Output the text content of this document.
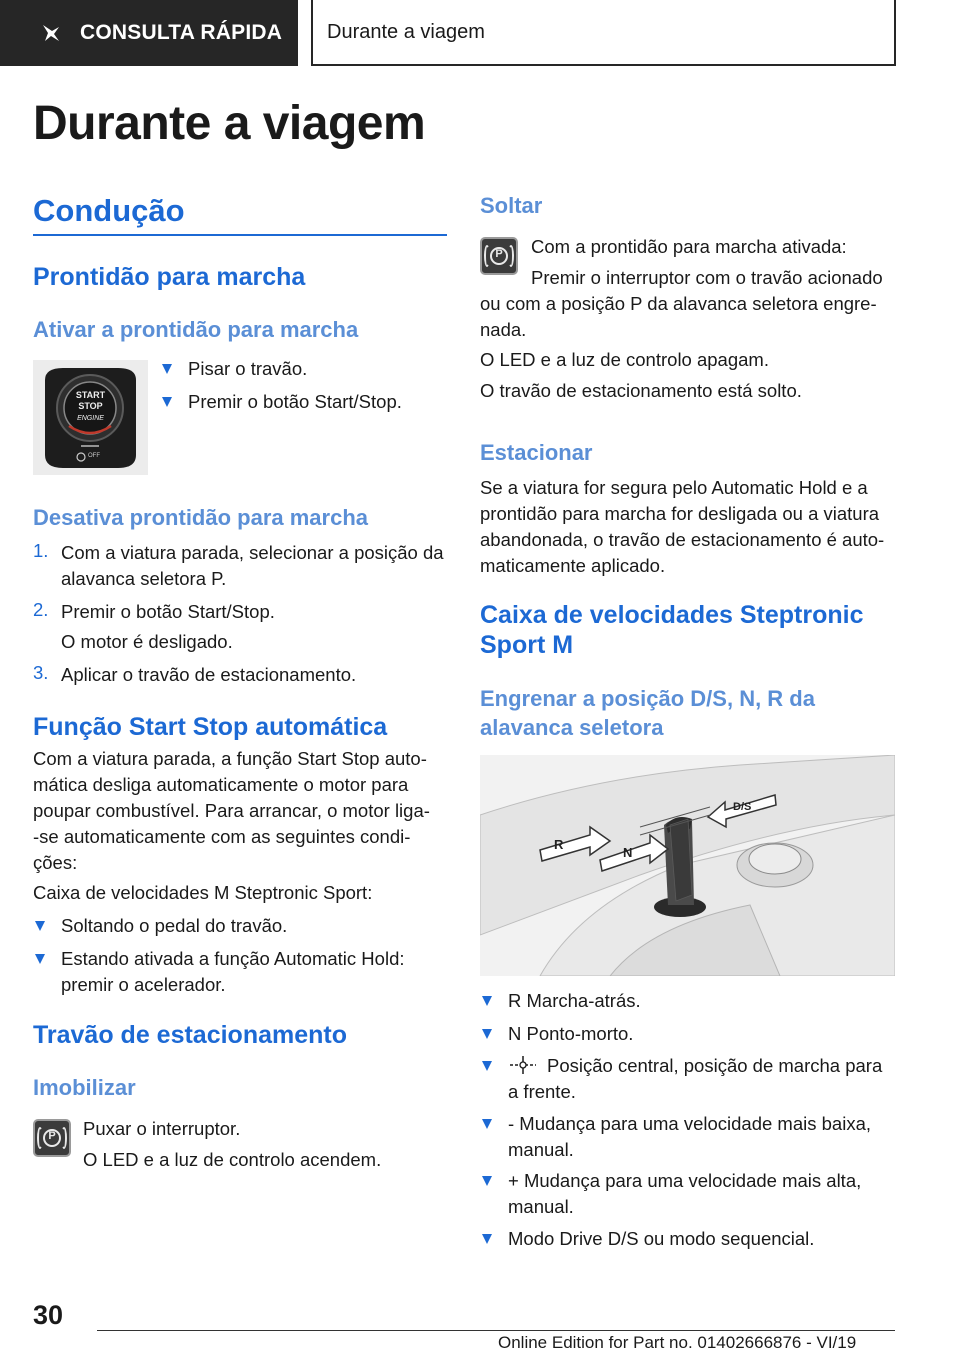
CONSULTA RÁPIDA Durante a viagem
Durante a viagem
Condução
Prontidão para marcha
Ativar a prontidão para marcha
START
STOP
ENGINE
OFF
Pisar o travão.
Premir o botão Start/Stop.
Desativa prontidão para marcha
1. Com a viatura parada, selecionar a posição da
alavanca seletora P.
2. Premir o botão Start/Stop.
O motor é desligado.
3. Aplicar o travão de estacionamento.
Função Start Stop automática
Com a viatura parada, a função Start Stop auto-
mática desliga automaticamente o motor para
poupar combustível. Para arrancar, o motor liga-
-se automaticamente com as seguintes condi-
ções:
Caixa de velocidades M Steptronic Sport:
Soltando o pedal do travão.
Estando ativada a função Automatic Hold:
premir o acelerador.
Travão de estacionamento
Imobilizar
P
Puxar o interruptor.
O LED e a luz de controlo acendem.
Soltar
P
Com a prontidão para marcha ativada:
Premir o interruptor com o travão acionado
ou com a posição P da alavanca seletora engre-
nada.
O LED e a luz de controlo apagam.
O travão de estacionamento está solto.
Estacionar
Se a viatura for segura pelo Automatic Hold e a
prontidão para marcha for desligada ou a viatura
abandonada, o travão de estacionamento é auto-
maticamente aplicado.
Caixa de velocidades Steptronic
Sport M
Engrenar a posição D/S, N, R da
alavanca seletora
R
N
D/S
R Marcha-atrás.
N Ponto-morto.
Posição central, posição de marcha para
a frente.
- Mudança para uma velocidade mais baixa,
manual.
+ Mudança para uma velocidade mais alta,
manual.
Modo Drive D/S ou modo sequencial.
30
Online Edition for Part no. 01402666876 - VI/19
